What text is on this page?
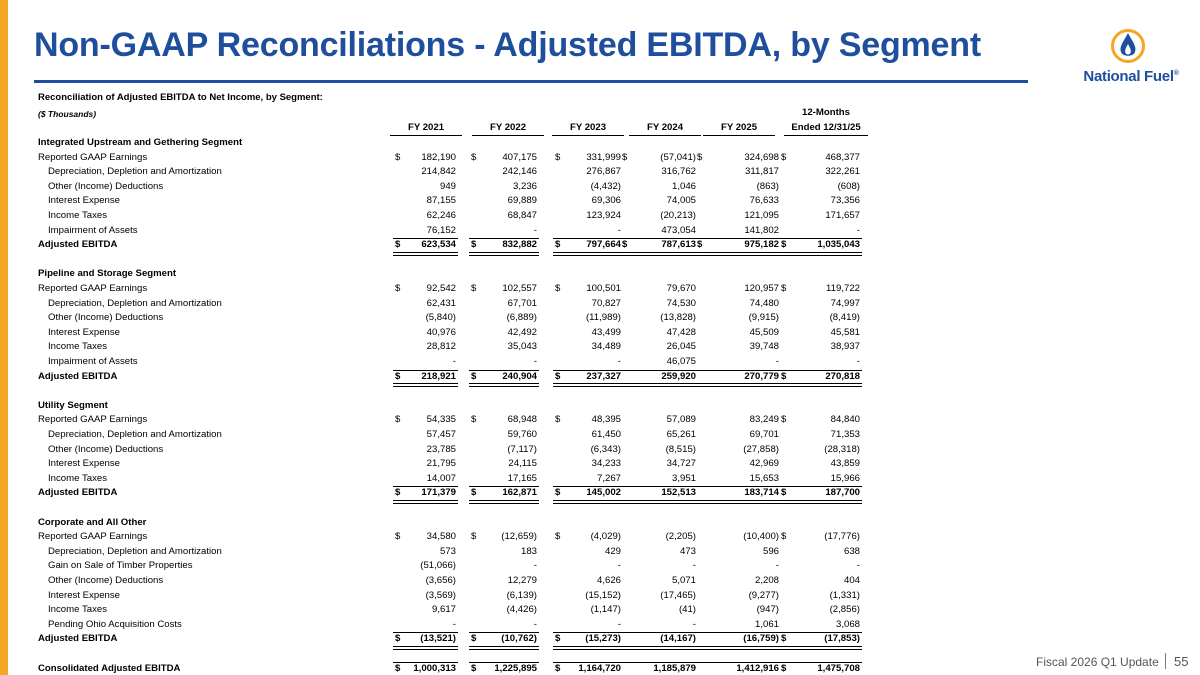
Non-GAAP Reconciliations - Adjusted EBITDA, by Segment
National Fuel®
Reconciliation of Adjusted EBITDA to Net Income, by Segment:
($ Thousands)
FY 2021	FY 2022	FY 2023	FY 2024	FY 2025
12-Months
Ended 12/31/25
Integrated Upstream and Gethering Segment
Reported GAAP Earnings	$	182,190 $	407,175 $	331,999 $	(57,041) $	324,698 $	468,377
Depreciation, Depletion and Amortization	214,842	242,146	276,867	316,762	311,817	322,261
Other (Income) Deductions	949	3,236	(4,432)	1,046	(863)	(608)
Interest Expense	87,155	69,889	69,306	74,005	76,633	73,356
Income Taxes	62,246	68,847	123,924	(20,213)	121,095	171,657
Impairment of Assets	76,152	-	-	473,054	141,802	-
Adjusted EBITDA	$	623,534 $	832,882 $	797,664 $	787,613 $	975,182 $	1,035,043
Pipeline and Storage Segment
Reported GAAP Earnings	$	92,542 $	102,557 $	100,501	79,670	120,957 $	119,722
Depreciation, Depletion and Amortization	62,431	67,701	70,827	74,530	74,480	74,997
Other (Income) Deductions	(5,840)	(6,889)	(11,989)	(13,828)	(9,915)	(8,419)
Interest Expense	40,976	42,492	43,499	47,428	45,509	45,581
Income Taxes	28,812	35,043	34,489	26,045	39,748	38,937
Impairment of Assets	-	-	-	46,075	-	-
Adjusted EBITDA	$	218,921 $	240,904 $	237,327	259,920	270,779 $	270,818
Utility Segment
Reported GAAP Earnings	$	54,335 $	68,948 $	48,395	57,089	83,249 $	84,840
Depreciation, Depletion and Amortization	57,457	59,760	61,450	65,261	69,701	71,353
Other (Income) Deductions	23,785	(7,117)	(6,343)	(8,515)	(27,858)	(28,318)
Interest Expense	21,795	24,115	34,233	34,727	42,969	43,859
Income Taxes	14,007	17,165	7,267	3,951	15,653	15,966
Adjusted EBITDA	$	171,379 $	162,871 $	145,002	152,513	183,714 $	187,700
Corporate and All Other
Reported GAAP Earnings	$	34,580 $	(12,659) $	(4,029)	(2,205)	(10,400) $	(17,776)
Depreciation, Depletion and Amortization	573	183	429	473	596	638
Gain on Sale of Timber Properties	(51,066)	-	-	-	-	-
Other (Income) Deductions	(3,656)	12,279	4,626	5,071	2,208	404
Interest Expense	(3,569)	(6,139)	(15,152)	(17,465)	(9,277)	(1,331)
Income Taxes	9,617	(4,426)	(1,147)	(41)	(947)	(2,856)
Pending Ohio Acquisition Costs	-	-	-	-	1,061	3,068
Adjusted EBITDA	$	(13,521) $	(10,762) $	(15,273)	(14,167)	(16,759) $	(17,853)
Consolidated Adjusted EBITDA	$	1,000,313 $	1,225,895 $	1,164,720	1,185,879	1,412,916 $	1,475,708	Fiscal 2026 Q1 Update 55
